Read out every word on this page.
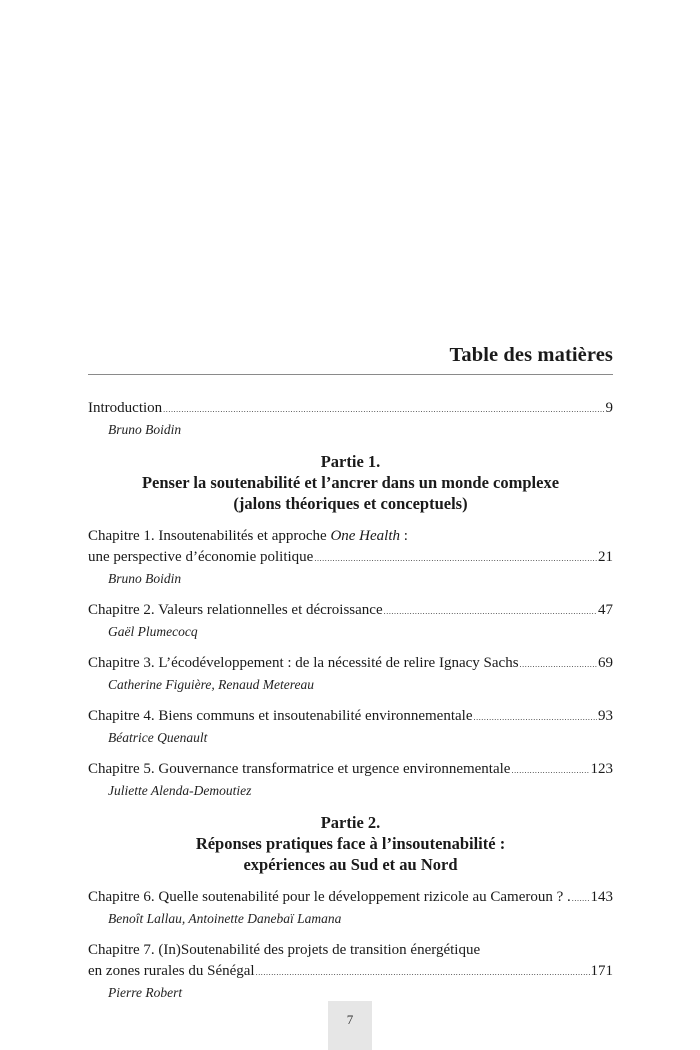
Table des matières
Introduction .....	9
Bruno Boidin
Partie 1.
Penser la soutenabilité et l’ancrer dans un monde complexe
(jalons théoriques et conceptuels)
Chapitre 1. Insoutenabilités et approche One Health :
une perspective d’économie politique .....	21
Bruno Boidin
Chapitre 2. Valeurs relationnelles et décroissance .....	47
Gaël Plumecocq
Chapitre 3. L’écodéveloppement : de la nécessité de relire Ignacy Sachs .....	69
Catherine Figuière, Renaud Metereau
Chapitre 4. Biens communs et insoutenabilité environnementale .....	93
Béatrice Quenault
Chapitre 5. Gouvernance transformatrice et urgence environnementale .....	123
Juliette Alenda-Demoutiez
Partie 2.
Réponses pratiques face à l’insoutenabilité :
expériences au Sud et au Nord
Chapitre 6. Quelle soutenabilité pour le développement rizicole au Cameroun ? . ..... 143
Benoît Lallau, Antoinette Danebaï Lamana
Chapitre 7. (In)Soutenabilité des projets de transition énergétique
en zones rurales du Sénégal .....	171
Pierre Robert
7
